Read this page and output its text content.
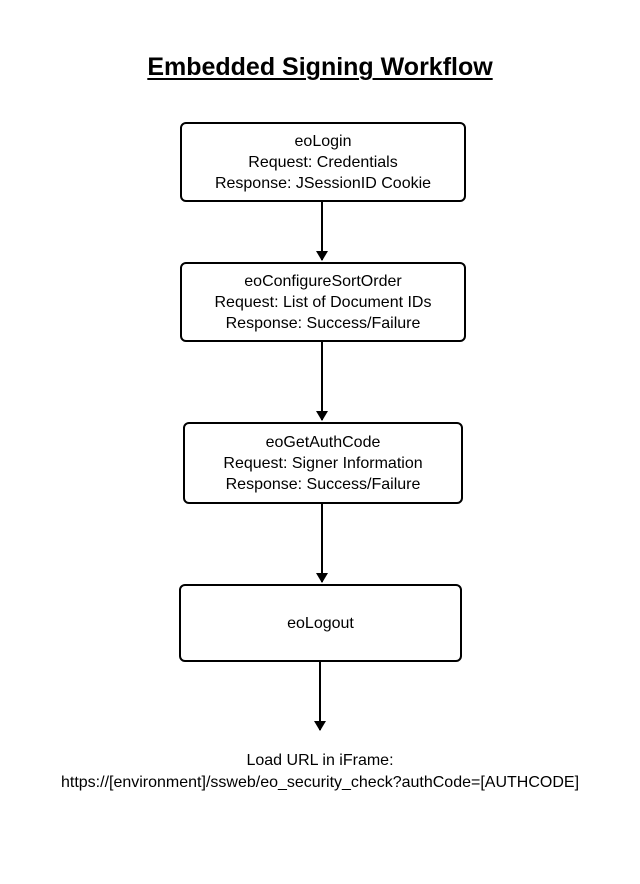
Embedded Signing Workflow
eoLogin
Request: Credentials
Response: JSessionID Cookie
eoConfigureSortOrder
Request: List of Document IDs
Response: Success/Failure
eoGetAuthCode
Request: Signer Information
Response: Success/Failure
eoLogout
Load URL in iFrame:
https://[environment]/ssweb/eo_security_check?authCode=[AUTHCODE]
